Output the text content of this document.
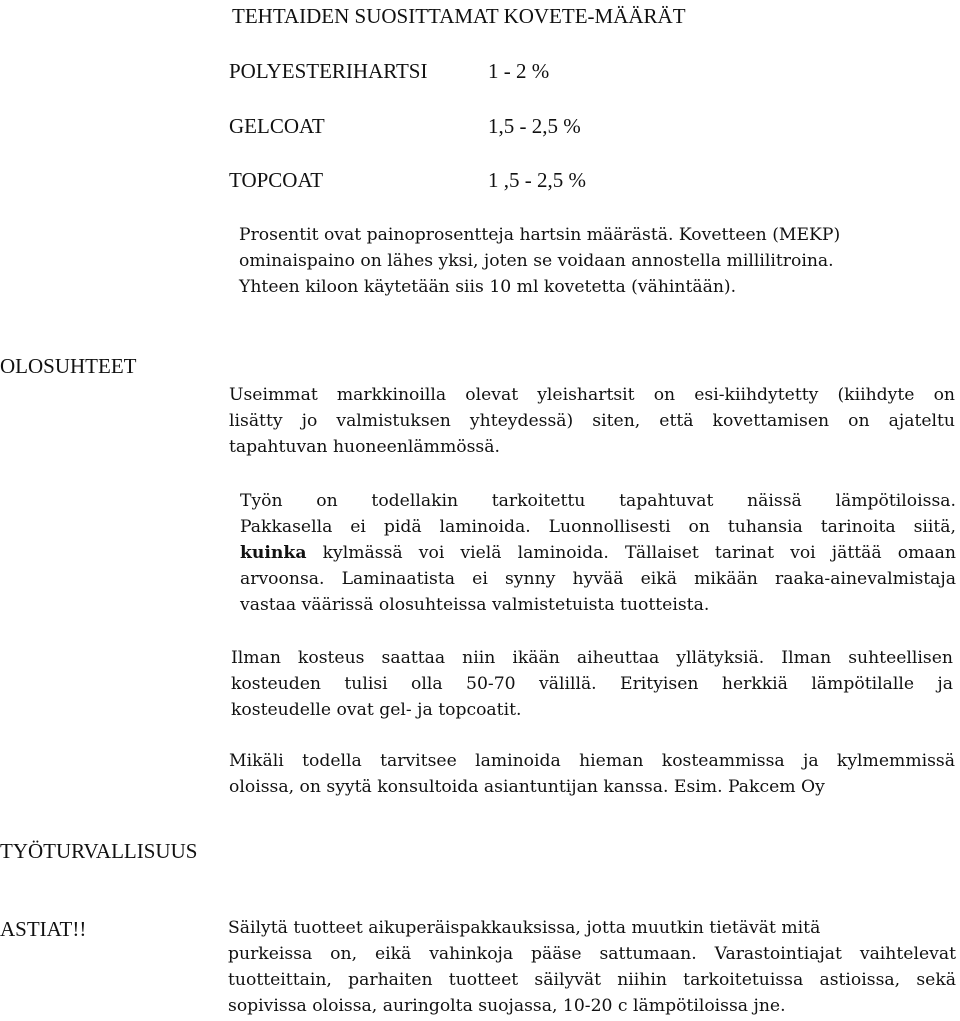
TEHTAIDEN SUOSITTAMAT KOVETE-MÄÄRÄT
POLYESTERIHARTSI	1 - 2 %
GELCOAT	1,5 - 2,5 %
TOPCOAT	1 ,5 - 2,5 %
Prosentit ovat painoprosentteja hartsin määrästä. Kovetteen (MEKP)
ominaispaino on lähes yksi, joten se voidaan annostella millilitroina.
Yhteen kiloon käytetään siis 10 ml kovetetta (vähintään).
OLOSUHTEET
Useimmat markkinoilla olevat yleishartsit on esi-kiihdytetty (kiihdyte on
lisätty jo valmistuksen yhteydessä) siten, että kovettamisen on ajateltu
tapahtuvan huoneenlämmössä.
Työn on todellakin tarkoitettu tapahtuvat näissä lämpötiloissa.
Pakkasella ei pidä laminoida. Luonnollisesti on tuhansia tarinoita siitä,
kuinka kylmässä voi vielä laminoida. Tällaiset tarinat voi jättää omaan
arvoonsa. Laminaatista ei synny hyvää eikä mikään raaka-ainevalmistaja
vastaa väärissä olosuhteissa valmistetuista tuotteista.
Ilman kosteus saattaa niin ikään aiheuttaa yllätyksiä. Ilman suhteellisen
kosteuden tulisi olla 50-70 välillä. Erityisen herkkiä lämpötilalle ja
kosteudelle ovat gel- ja topcoatit.
Mikäli todella tarvitsee laminoida hieman kosteammissa ja kylmemmissä
oloissa, on syytä konsultoida asiantuntijan kanssa. Esim. Pakcem Oy
TYÖTURVALLISUUS
ASTIAT!!	Säilytä tuotteet aikuperäispakkauksissa, jotta muutkin tietävät mitä
purkeissa on, eikä vahinkoja pääse sattumaan. Varastointiajat vaihtelevat
tuotteittain, parhaiten tuotteet säilyvät niihin tarkoitetuissa astioissa, sekä
sopivissa oloissa, auringolta suojassa, 10-20 c lämpötiloissa jne.
